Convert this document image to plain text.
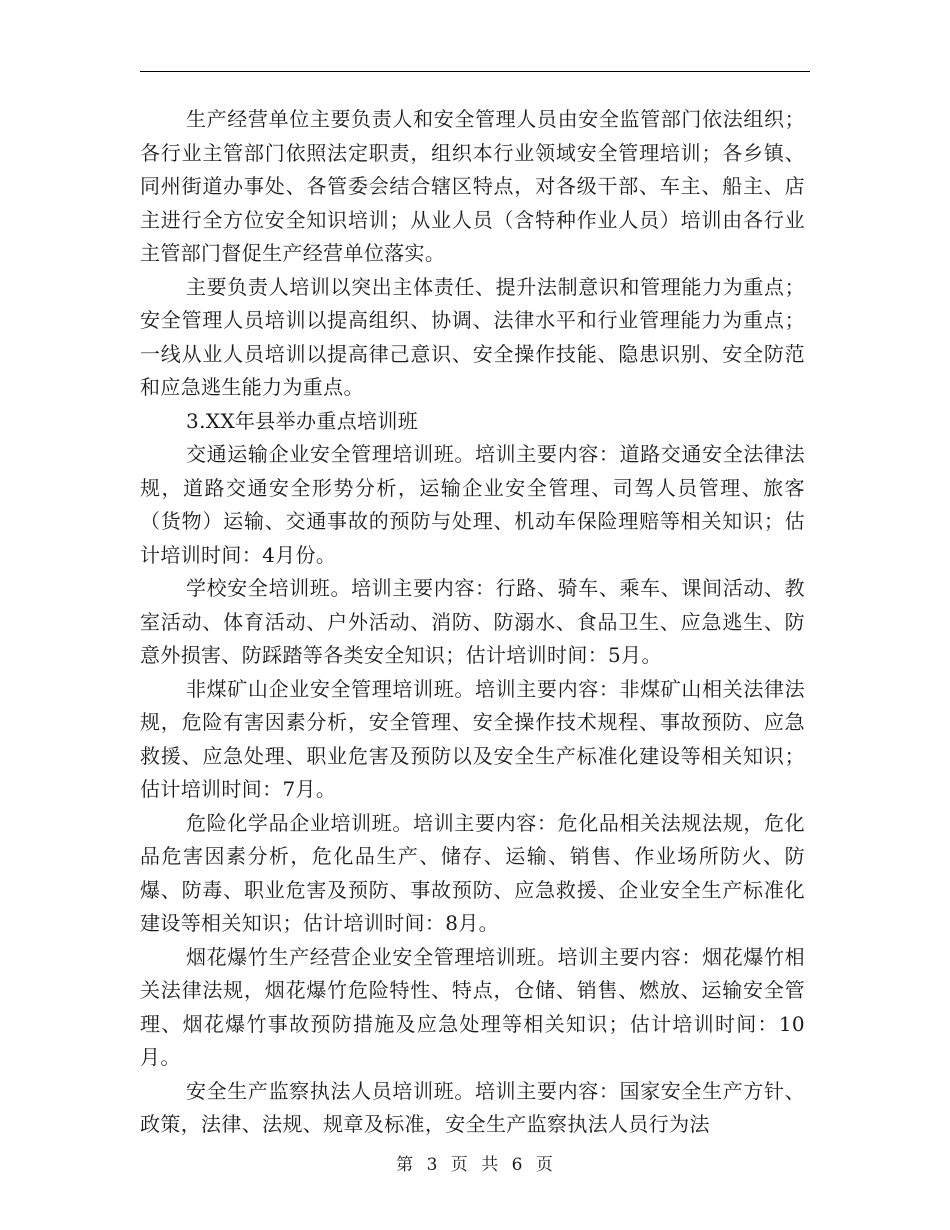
生产经营单位主要负责人和安全管理人员由安全监管部门依法组织；各行业主管部门依照法定职责，组织本行业领域安全管理培训；各乡镇、同州街道办事处、各管委会结合辖区特点，对各级干部、车主、船主、店主进行全方位安全知识培训；从业人员（含特种作业人员）培训由各行业主管部门督促生产经营单位落实。

主要负责人培训以突出主体责任、提升法制意识和管理能力为重点；安全管理人员培训以提高组织、协调、法律水平和行业管理能力为重点；一线从业人员培训以提高律己意识、安全操作技能、隐患识别、安全防范和应急逃生能力为重点。

3.XX年县举办重点培训班

交通运输企业安全管理培训班。培训主要内容：道路交通安全法律法规，道路交通安全形势分析，运输企业安全管理、司驾人员管理、旅客（货物）运输、交通事故的预防与处理、机动车保险理赔等相关知识；估计培训时间：4月份。

学校安全培训班。培训主要内容：行路、骑车、乘车、课间活动、教室活动、体育活动、户外活动、消防、防溺水、食品卫生、应急逃生、防意外损害、防踩踏等各类安全知识；估计培训时间：5月。

非煤矿山企业安全管理培训班。培训主要内容：非煤矿山相关法律法规，危险有害因素分析，安全管理、安全操作技术规程、事故预防、应急救援、应急处理、职业危害及预防以及安全生产标准化建设等相关知识；估计培训时间：7月。

危险化学品企业培训班。培训主要内容：危化品相关法规法规，危化品危害因素分析，危化品生产、储存、运输、销售、作业场所防火、防爆、防毒、职业危害及预防、事故预防、应急救援、企业安全生产标准化建设等相关知识；估计培训时间：8月。

烟花爆竹生产经营企业安全管理培训班。培训主要内容：烟花爆竹相关法律法规，烟花爆竹危险特性、特点，仓储、销售、燃放、运输安全管理、烟花爆竹事故预防措施及应急处理等相关知识；估计培训时间：10月。

安全生产监察执法人员培训班。培训主要内容：国家安全生产方针、政策，法律、法规、规章及标准，安全生产监察执法人员行为法

第 3 页 共 6 页
